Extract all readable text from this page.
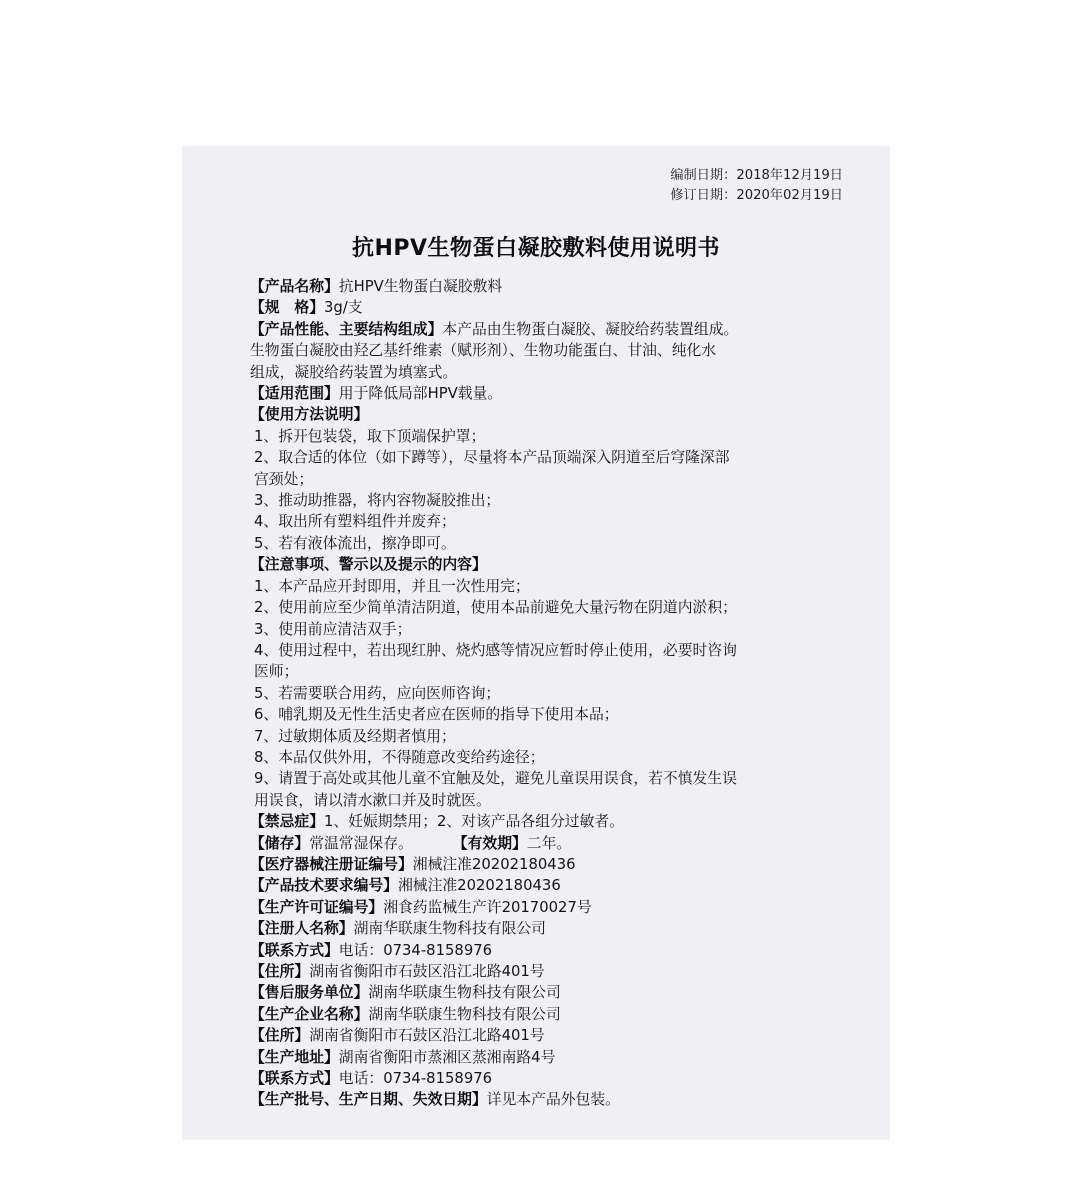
编制日期：2018年12月19日
修订日期：2020年02月19日
抗HPV生物蛋白凝胶敷料使用说明书
【产品名称】抗HPV生物蛋白凝胶敷料
【规　格】3g/支
【产品性能、主要结构组成】本产品由生物蛋白凝胶、凝胶给药装置组成。
生物蛋白凝胶由羟乙基纤维素（赋形剂）、生物功能蛋白、甘油、纯化水
组成，凝胶给药装置为填塞式。
【适用范围】用于降低局部HPV载量。
【使用方法说明】
1、拆开包装袋，取下顶端保护罩；
2、取合适的体位（如下蹲等），尽量将本产品顶端深入阴道至后穹隆深部
宫颈处；
3、推动助推器，将内容物凝胶推出；
4、取出所有塑料组件并废弃；
5、若有液体流出，擦净即可。
【注意事项、警示以及提示的内容】
1、本产品应开封即用，并且一次性用完；
2、使用前应至少简单清洁阴道，使用本品前避免大量污物在阴道内淤积；
3、使用前应清洁双手；
4、使用过程中，若出现红肿、烧灼感等情况应暂时停止使用，必要时咨询
医师；
5、若需要联合用药，应向医师咨询；
6、哺乳期及无性生活史者应在医师的指导下使用本品；
7、过敏期体质及经期者慎用；
8、本品仅供外用，不得随意改变给药途径；
9、请置于高处或其他儿童不宜触及处，避免儿童误用误食，若不慎发生误
用误食，请以清水漱口并及时就医。
【禁忌症】1、妊娠期禁用；2、对该产品各组分过敏者。
【储存】常温常湿保存。	【有效期】二年。
【医疗器械注册证编号】湘械注准20202180436
【产品技术要求编号】湘械注准20202180436
【生产许可证编号】湘食药监械生产许20170027号
【注册人名称】湖南华联康生物科技有限公司
【联系方式】电话：0734-8158976
【住所】湖南省衡阳市石鼓区沿江北路401号
【售后服务单位】湖南华联康生物科技有限公司
【生产企业名称】湖南华联康生物科技有限公司
【住所】湖南省衡阳市石鼓区沿江北路401号
【生产地址】湖南省衡阳市蒸湘区蒸湘南路4号
【联系方式】电话：0734-8158976
【生产批号、生产日期、失效日期】详见本产品外包装。
